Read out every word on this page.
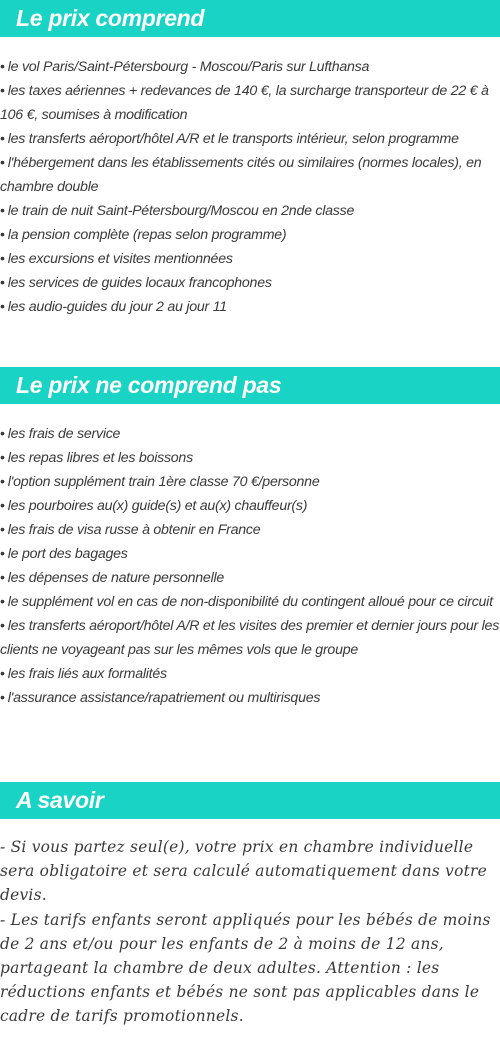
Le prix comprend
• le vol Paris/Saint-Pétersbourg - Moscou/Paris sur Lufthansa
• les taxes aériennes + redevances de 140 €, la surcharge transporteur de 22 € à 106 €, soumises à modification
• les transferts aéroport/hôtel A/R et le transports intérieur, selon programme
• l'hébergement dans les établissements cités ou similaires (normes locales), en chambre double
• le train de nuit Saint-Pétersbourg/Moscou en 2nde classe
• la pension complète (repas selon programme)
• les excursions et visites mentionnées
• les services de guides locaux francophones
• les audio-guides du jour 2 au jour 11
Le prix ne comprend pas
• les frais de service
• les repas libres et les boissons
• l'option supplément train 1ère classe 70 €/personne
• les pourboires au(x) guide(s) et au(x) chauffeur(s)
• les frais de visa russe à obtenir en France
• le port des bagages
• les dépenses de nature personnelle
• le supplément vol en cas de non-disponibilité du contingent alloué pour ce circuit
• les transferts aéroport/hôtel A/R et les visites des premier et dernier jours pour les clients ne voyageant pas sur les mêmes vols que le groupe
• les frais liés aux formalités
• l'assurance assistance/rapatriement ou multirisques
A savoir

- Si vous partez seul(e), votre prix en chambre individuelle sera obligatoire et sera calculé automatiquement dans votre devis.

- Les tarifs enfants seront appliqués pour les bébés de moins de 2 ans et/ou pour les enfants de 2 à moins de 12 ans, partageant la chambre de deux adultes. Attention : les réductions enfants et bébés ne sont pas applicables dans le cadre de tarifs promotionnels.
